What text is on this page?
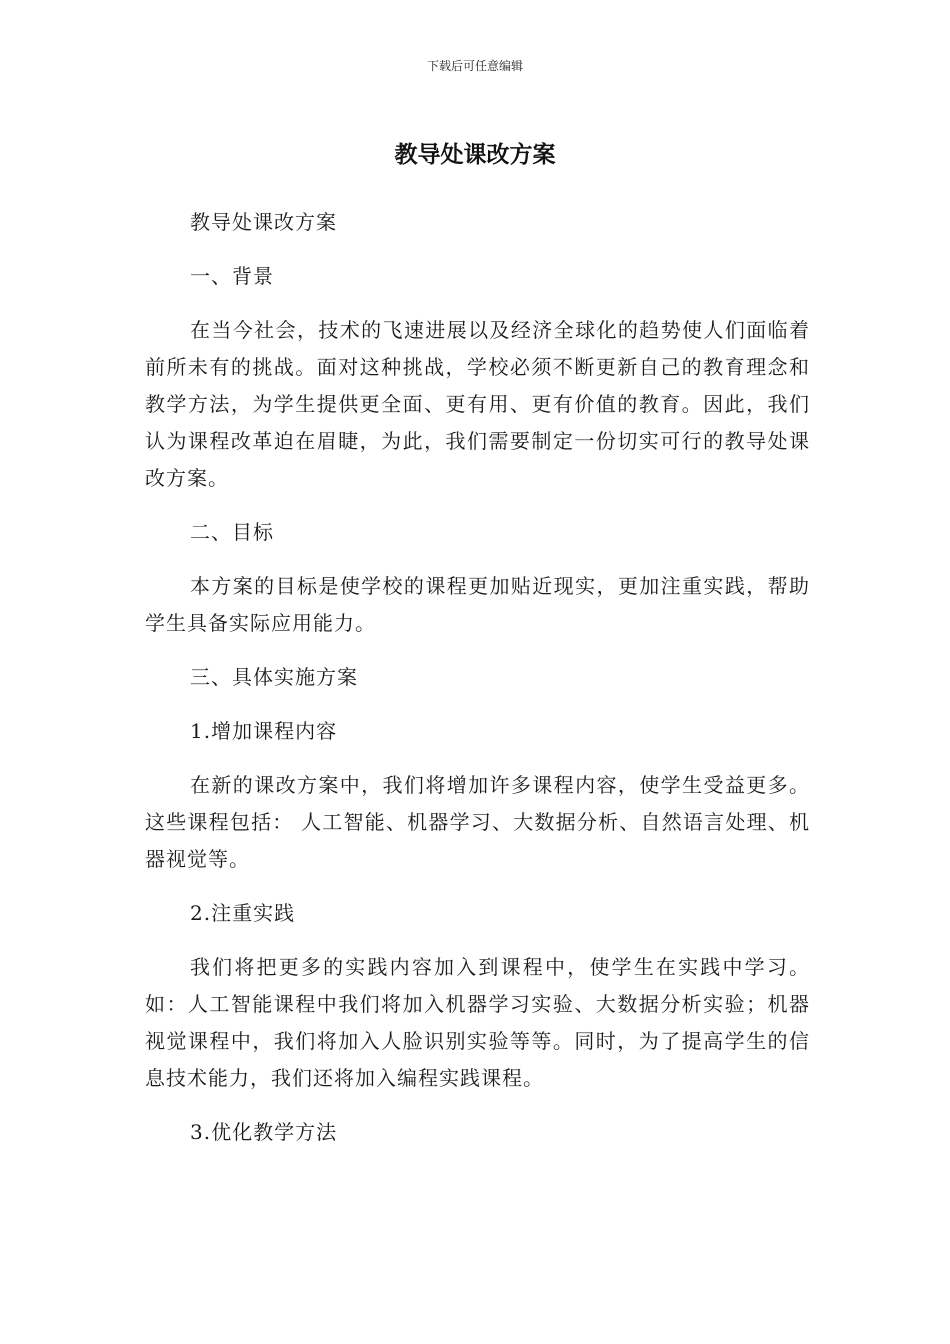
下载后可任意编辑
教导处课改方案

教导处课改方案

一、背景

在当今社会，技术的飞速进展以及经济全球化的趋势使人们面临着前所未有的挑战。面对这种挑战，学校必须不断更新自己的教育理念和教学方法，为学生提供更全面、更有用、更有价值的教育。因此，我们认为课程改革迫在眉睫，为此，我们需要制定一份切实可行的教导处课改方案。

二、目标

本方案的目标是使学校的课程更加贴近现实，更加注重实践，帮助学生具备实际应用能力。

三、具体实施方案

1.增加课程内容

在新的课改方案中，我们将增加许多课程内容，使学生受益更多。这些课程包括： 人工智能、机器学习、大数据分析、自然语言处理、机器视觉等。

2.注重实践

我们将把更多的实践内容加入到课程中，使学生在实践中学习。如：人工智能课程中我们将加入机器学习实验、大数据分析实验；机器视觉课程中，我们将加入人脸识别实验等等。同时，为了提高学生的信息技术能力，我们还将加入编程实践课程。

3.优化教学方法
